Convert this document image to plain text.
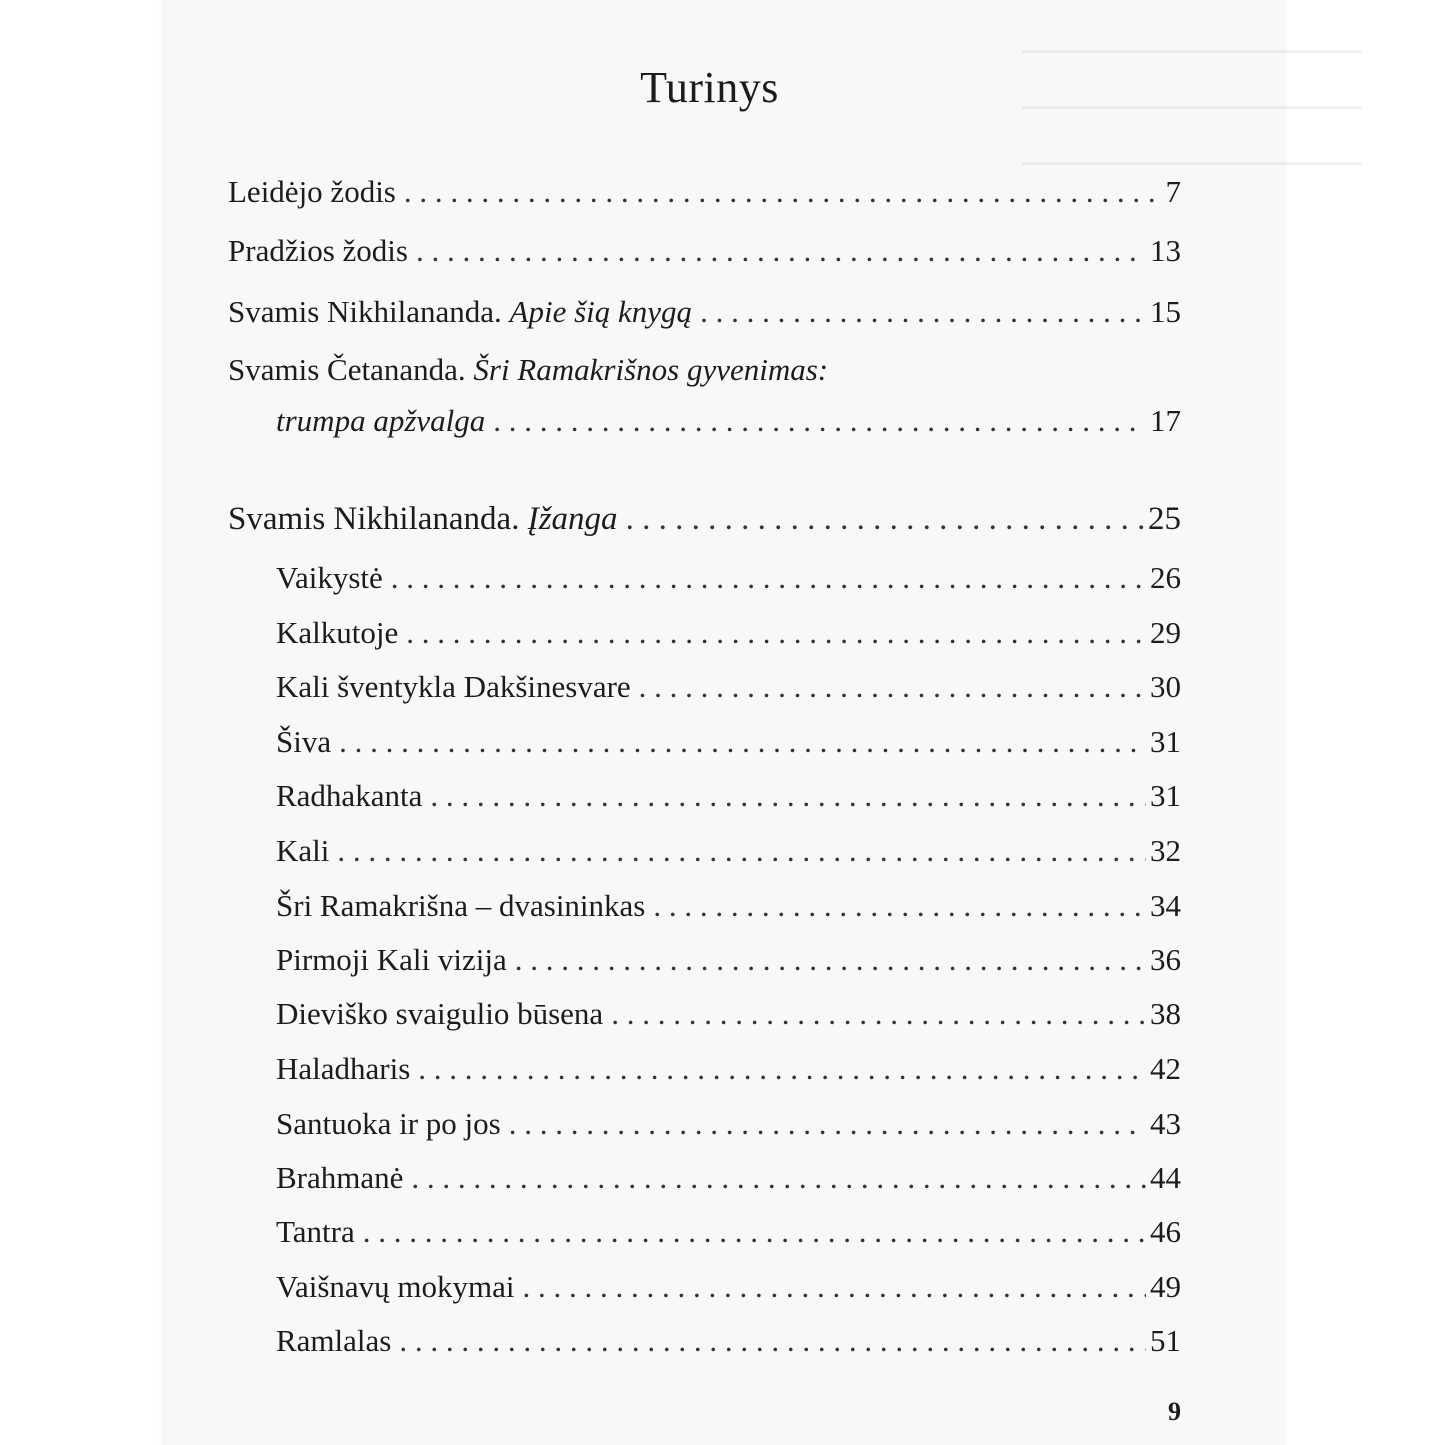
Turinys
Leidėjo žodis . . .	7
Pradžios žodis . . .	13
Svamis Nikhilananda. Apie šią knygą . . .	15
Svamis Četananda. Šri Ramakrišnos gyvenimas:
trumpa apžvalga . . .	17
Svamis Nikhilananda. Įžanga . . .	25
Vaikystė . . .	26
Kalkutoje . . .	29
Kali šventykla Dakšinesvare . . .	30
Šiva . . .	31
Radhakanta . . .	31
Kali . . .	32
Šri Ramakrišna – dvasininkas . . .	34
Pirmoji Kali vizija . . .	36
Dieviško svaigulio būsena . . .	38
Haladharis . . .	42
Santuoka ir po jos . . .	43
Brahmanė . . .	44
Tantra . . .	46
Vaišnavų mokymai . . .	49
Ramlalas . . .	51
9
